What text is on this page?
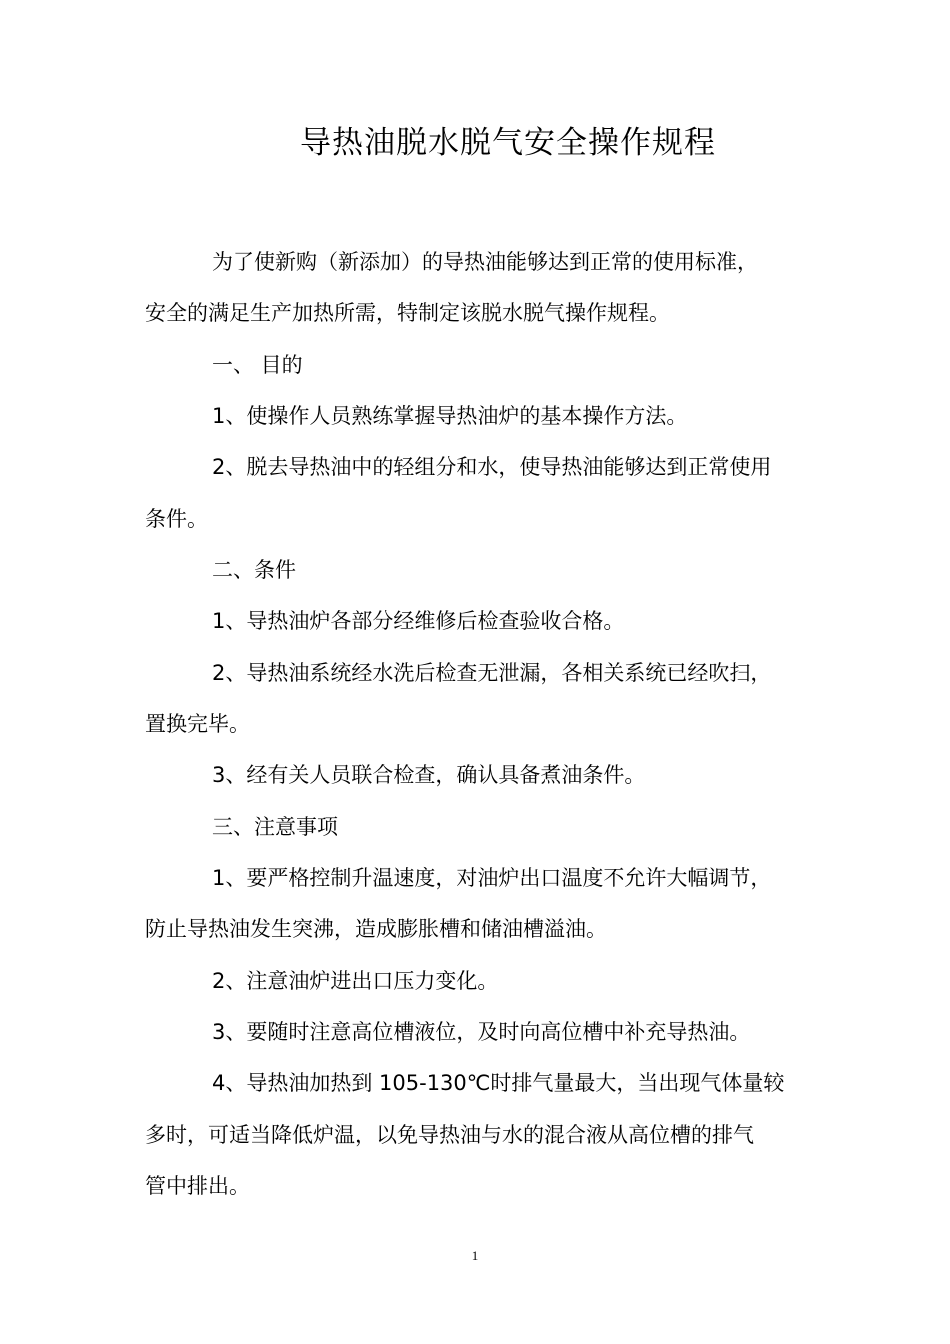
导热油脱水脱气安全操作规程

为了使新购（新添加）的导热油能够达到正常的使用标准，

安全的满足生产加热所需，特制定该脱水脱气操作规程。

一、 目的

1、使操作人员熟练掌握导热油炉的基本操作方法。

2、脱去导热油中的轻组分和水，使导热油能够达到正常使用

条件。

二、条件

1、导热油炉各部分经维修后检查验收合格。

2、导热油系统经水洗后检查无泄漏，各相关系统已经吹扫，

置换完毕。

3、经有关人员联合检查，确认具备煮油条件。

三、注意事项

1、要严格控制升温速度，对油炉出口温度不允许大幅调节，

防止导热油发生突沸，造成膨胀槽和储油槽溢油。

2、注意油炉进出口压力变化。

3、要随时注意高位槽液位，及时向高位槽中补充导热油。

4、导热油加热到 105-130℃时排气量最大，当出现气体量较

多时，可适当降低炉温，以免导热油与水的混合液从高位槽的排气

管中排出。

1
